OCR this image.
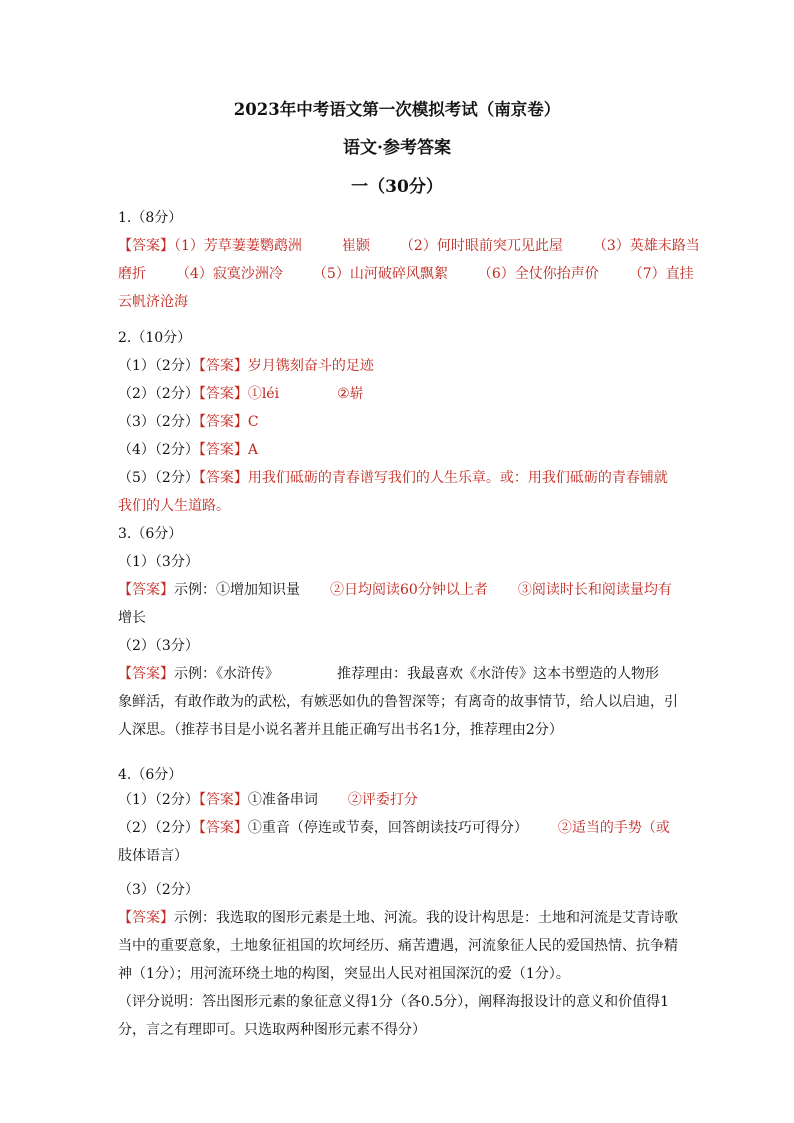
2023年中考语文第一次模拟考试（南京卷）
语文·参考答案
一（30分）
1.（8分）
【答案】（1）芳草萋萋鹦鹉洲	崔颢 （2）何时眼前突兀见此屋 （3）英雄末路当
磨折 （4）寂寞沙洲冷 （5）山河破碎风飘絮 （6）全仗你抬声价 （7）直挂
云帆济沧海
2.（10分）
（1）（2分）【答案】岁月镌刻奋斗的足迹
（2）（2分）【答案】①léi	②崭
（3）（2分）【答案】C
（4）（2分）【答案】A
（5）（2分）【答案】用我们砥砺的青春谱写我们的人生乐章。或：用我们砥砺的青春铺就
我们的人生道路。
3.（6分）
（1）（3分）
【答案】示例：①增加知识量 ②日均阅读60分钟以上者 ③阅读时长和阅读量均有
增长
（2）（3分）
【答案】示例：《水浒传》	推荐理由：我最喜欢《水浒传》这本书塑造的人物形
象鲜活，有敢作敢为的武松，有嫉恶如仇的鲁智深等；有离奇的故事情节，给人以启迪，引
人深思。（推荐书目是小说名著并且能正确写出书名1分，推荐理由2分）
4.（6分）
（1）（2分）【答案】①准备串词 ②评委打分
（2）（2分）【答案】①重音（停连或节奏，回答朗读技巧可得分） ②适当的手势（或
肢体语言）
（3）（2分）
【答案】示例：我选取的图形元素是土地、河流。我的设计构思是：土地和河流是艾青诗歌
当中的重要意象，土地象征祖国的坎坷经历、痛苦遭遇，河流象征人民的爱国热情、抗争精
神（1分）；用河流环绕土地的构图，突显出人民对祖国深沉的爱（1分）。
（评分说明：答出图形元素的象征意义得1分（各0.5分），阐释海报设计的意义和价值得1
分，言之有理即可。只选取两种图形元素不得分）
